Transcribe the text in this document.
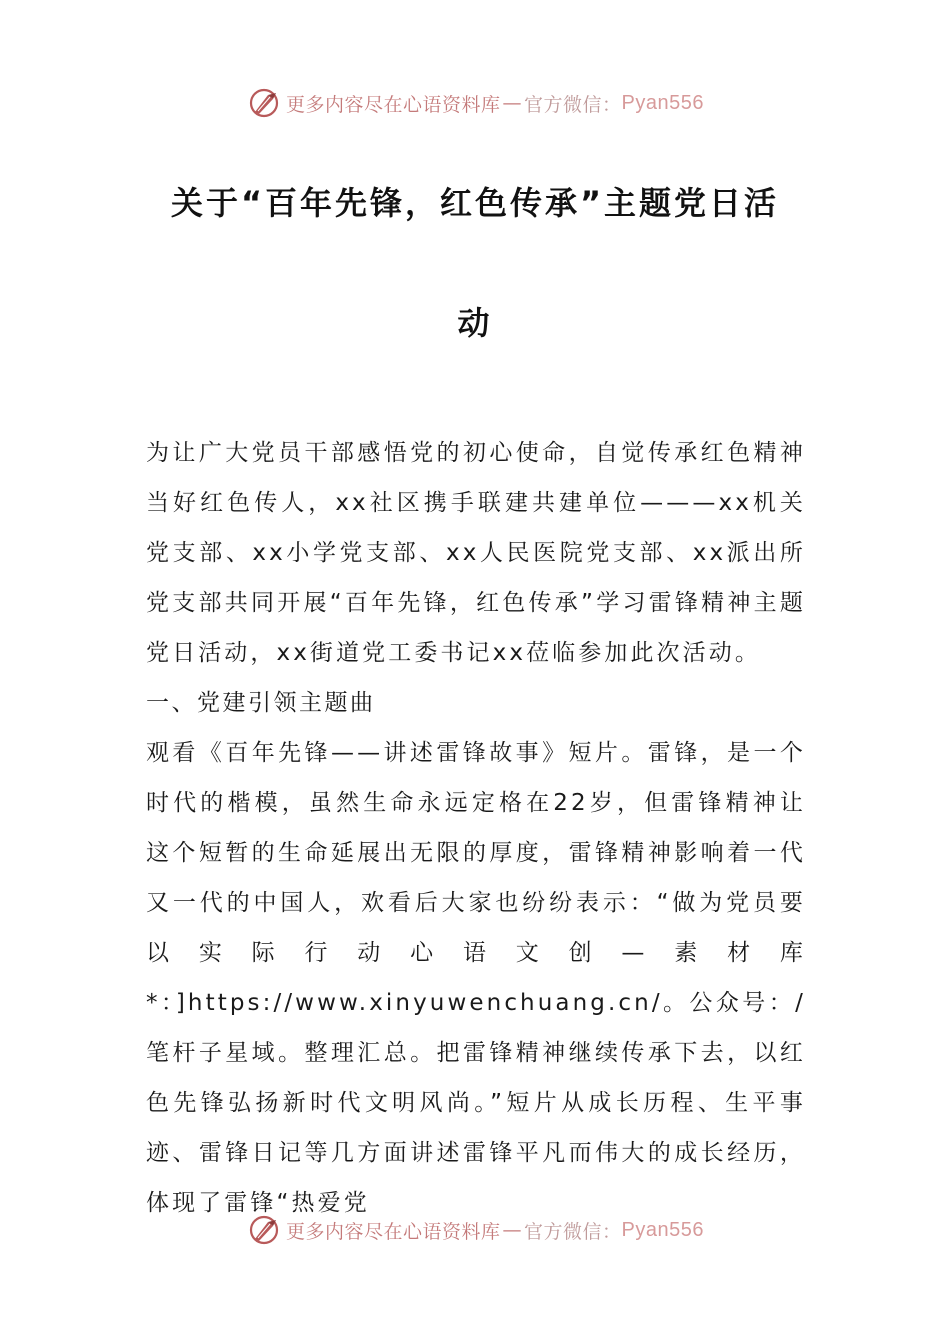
更多内容尽在心语资料库 — 官方微信： Pyan556
关于“百年先锋，红色传承”主题党日活
动

为让广大党员干部感悟党的初心使命，自觉传承红色精神当好红色传人，xx社区携手联建共建单位———xx机关党支部、xx小学党支部、xx人民医院党支部、xx派出所党支部共同开展“百年先锋，红色传承”学习雷锋精神主题党日活动，xx街道党工委书记xx莅临参加此次活动。

一、党建引领主题曲

观看《百年先锋——讲述雷锋故事》短片。雷锋，是一个时代的楷模，虽然生命永远定格在22岁，但雷锋精神让这个短暂的生命延展出无限的厚度，雷锋精神影响着一代又一代的中国人，欢看后大家也纷纷表示：“做为党员要以实际行动心语文创—素材库*：]https://www.xinyuwenchuang.cn/。公众号：/笔杆子星域。整理汇总。把雷锋精神继续传承下去，以红色先锋弘扬新时代文明风尚。”短片从成长历程、生平事迹、雷锋日记等几方面讲述雷锋平凡而伟大的成长经历，体现了雷锋“热爱党

更多内容尽在心语资料库 — 官方微信： Pyan556
